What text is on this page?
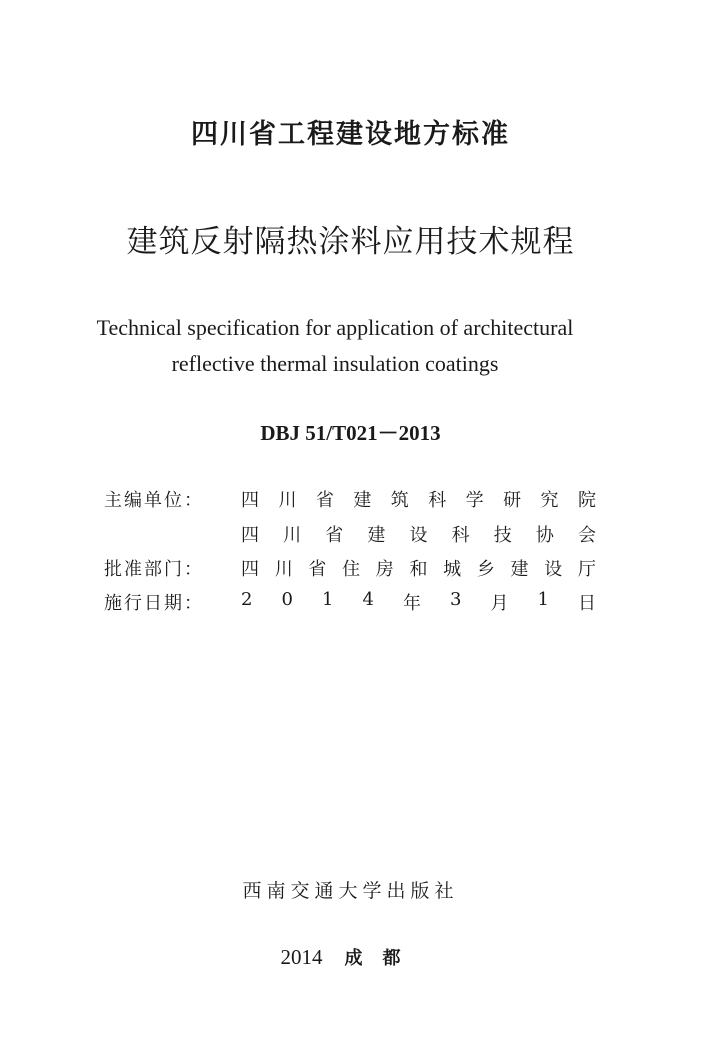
四川省工程建设地方标准
建筑反射隔热涂料应用技术规程
Technical specification for application of architectural
reflective thermal insulation coatings
DBJ 51/T021－2013
主编单位： 四 川 省 建 筑 科 学 研 究 院
四 川 省 建 设 科 技 协 会
批准部门： 四 川 省 住 房 和 城 乡 建 设 厅
施行日期： 2 0 1 4 年 3 月 1 日
西南交通大学出版社
2014 成都
